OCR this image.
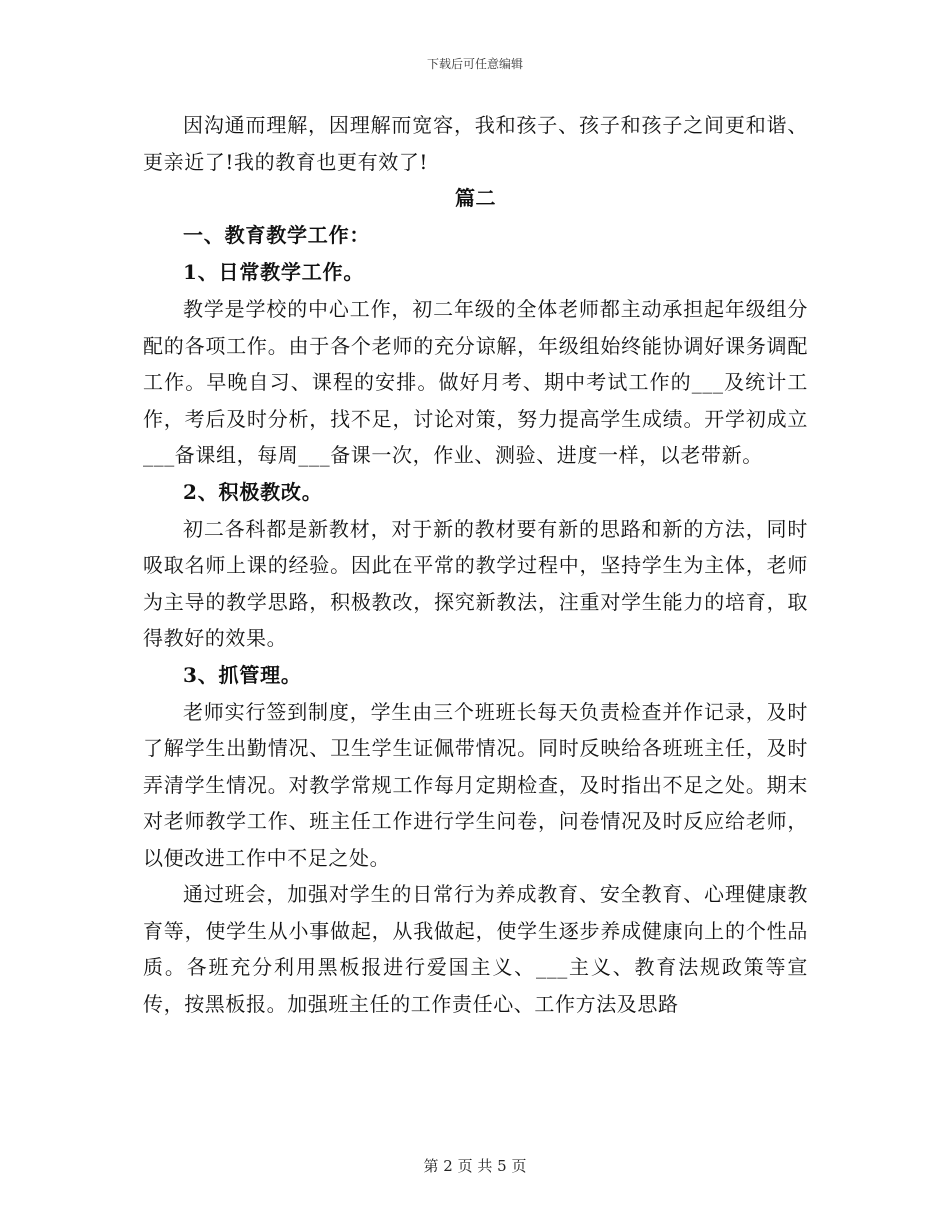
下载后可任意编辑

因沟通而理解，因理解而宽容，我和孩子、孩子和孩子之间更和谐、更亲近了!我的教育也更有效了!

篇二

一、教育教学工作：

1、日常教学工作。

教学是学校的中心工作，初二年级的全体老师都主动承担起年级组分配的各项工作。由于各个老师的充分谅解，年级组始终能协调好课务调配工作。早晚自习、课程的安排。做好月考、期中考试工作的___及统计工作，考后及时分析，找不足，讨论对策，努力提高学生成绩。开学初成立___备课组，每周___备课一次，作业、测验、进度一样，以老带新。

2、积极教改。

初二各科都是新教材，对于新的教材要有新的思路和新的方法，同时吸取名师上课的经验。因此在平常的教学过程中，坚持学生为主体，老师为主导的教学思路，积极教改，探究新教法，注重对学生能力的培育，取得教好的效果。

3、抓管理。

老师实行签到制度，学生由三个班班长每天负责检查并作记录，及时了解学生出勤情况、卫生学生证佩带情况。同时反映给各班班主任，及时弄清学生情况。对教学常规工作每月定期检查，及时指出不足之处。期末对老师教学工作、班主任工作进行学生问卷，问卷情况及时反应给老师，以便改进工作中不足之处。

通过班会，加强对学生的日常行为养成教育、安全教育、心理健康教育等，使学生从小事做起，从我做起，使学生逐步养成健康向上的个性品质。各班充分利用黑板报进行爱国主义、___主义、教育法规政策等宣传，按黑板报。加强班主任的工作责任心、工作方法及思路

第 2 页 共 5 页
